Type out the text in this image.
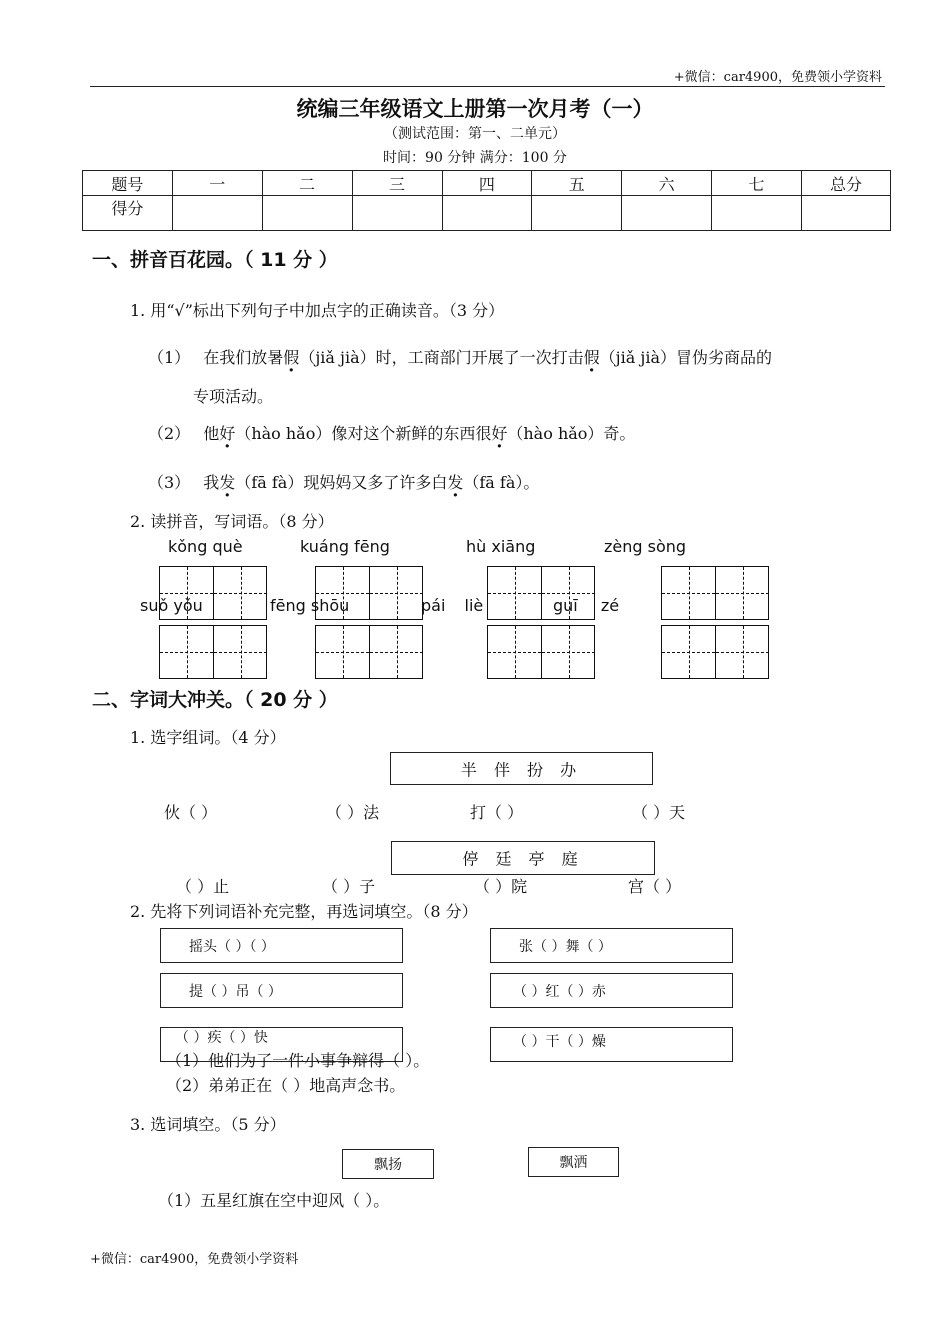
+微信：car4900，免费领小学资料
统编三年级语文上册第一次月考（一）
（测试范围：第一、二单元）
时间：90 分钟 满分：100 分
题号	一	二	三	四	五	六	七	总分
得分								
一、拼音百花园。（ 11 分 ）
1. 用“√”标出下列句子中加点字的正确读音。（3 分）
（1） 在我们放暑假（jiǎ jià）时，工商部门开展了一次打击假（jiǎ jià）冒伪劣商品的
专项活动。
（2） 他好（hào hǎo）像对这个新鲜的东西很好（hào hǎo）奇。
（3） 我发（fā fà）现妈妈又多了许多白发（fā fà）。
2. 读拼音，写词语。（8 分）
kǒng què	kuáng fēng	hù xiāng	zèng sòng
suǒ yǒu	fēng shōu	pái liè	guī zé
二、字词大冲关。（ 20 分 ）
1. 选字组词。（4 分）
半 伴 扮 办
伙（ ）	（ ）法	打（ ）	（ ）天
停 廷 亭 庭
（ ）止	（ ）子	（ ）院	宫（ ）
2. 先将下列词语补充完整，再选词填空。（8 分）
摇头（ ）（ ）	张（ ）舞（ ）
提（ ）吊（ ）	（ ）红（ ）赤
（ ）疾（ ）快	（ ）干（ ）燥
（1）他们为了一件小事争辩得（ ）。
（2）弟弟正在（ ）地高声念书。
3. 选词填空。（5 分）
飘扬	飘洒
（1）五星红旗在空中迎风（ ）。
+微信：car4900，免费领小学资料
